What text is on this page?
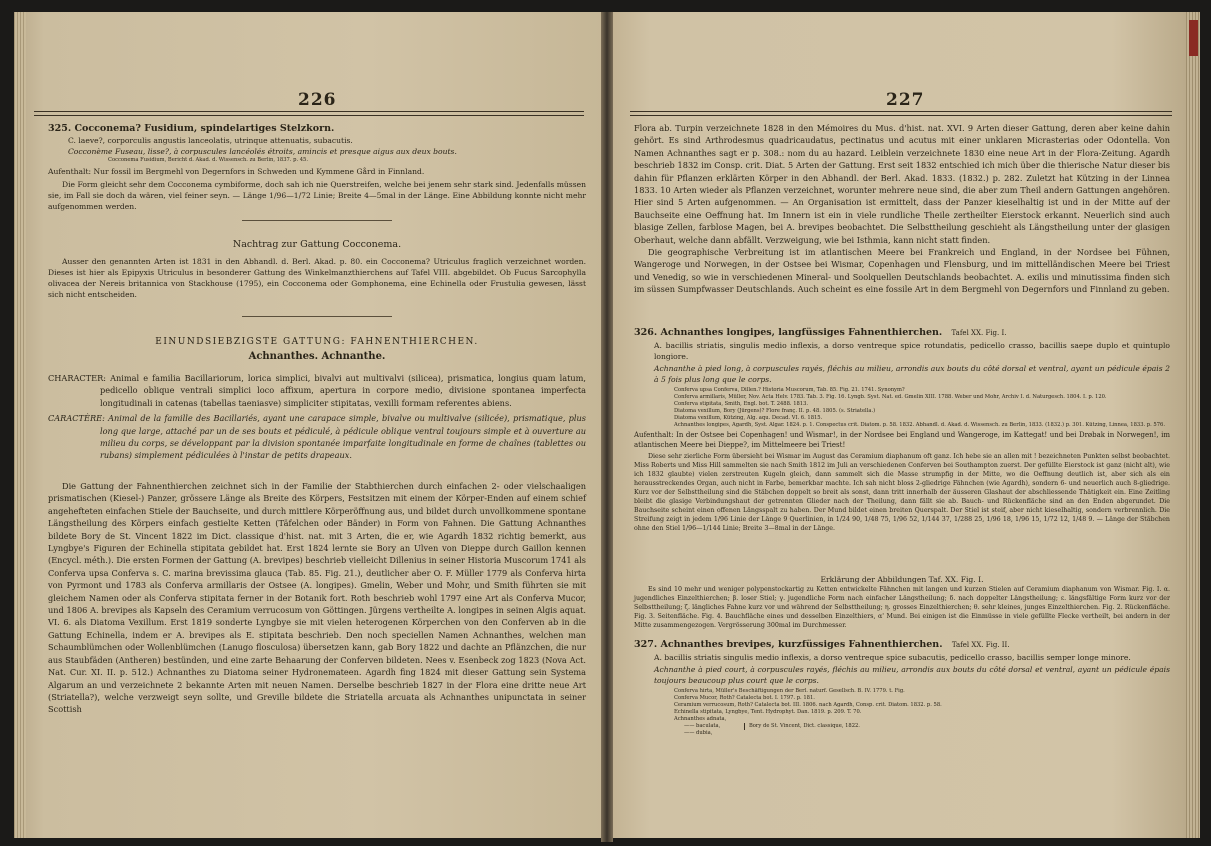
226

325. Cocconema? Fusidium, spindelartiges Stelzkorn.

C. laeve?, corporculis angustis lanceolatis, utrinque attenuatis, subacutis.

Cocconème Fuseau, lisse?, à corpuscules lancéolés étroits, amincis et presque aigus aux deux bouts.

Cocconema Fusidium, Bericht d. Akad. d. Wissensch. zu Berlin, 1837. p. 45.

Aufenthalt: Nur fossil im Bergmehl von Degernfors in Schweden und Kymmene Gård in Finnland.

Die Form gleicht sehr dem Cocconema cymbiforme, doch sah ich nie Querstreifen, welche bei jenem sehr stark sind. Jedenfalls müssen sie, im Fall sie doch da wären, viel feiner seyn. — Länge 1/96—1/72 Linie; Breite 4—5mal in der Länge. Eine Abbildung konnte nicht mehr aufgenommen werden.

Nachtrag zur Gattung Cocconema.

Ausser den genannten Arten ist 1831 in den Abhandl. d. Berl. Akad. p. 80. ein Cocconema? Utriculus fraglich verzeichnet worden. Dieses ist hier als Epipyxis Utriculus in besonderer Gattung des Winkelmanzthierchens auf Tafel VIII. abgebildet. Ob Fucus Sarcophylla olivacea der Nereis britannica von Stackhouse (1795), ein Cocconema oder Gomphonema, eine Echinella oder Frustulia gewesen, lässt sich nicht entscheiden.

EINUNDSIEBZIGSTE GATTUNG: FAHNENTHIERCHEN.

Achnanthes. Achnanthe.

CHARACTER: Animal e familia Bacillariorum, lorica simplici, bivalvi aut multivalvi (silicea), prismatica, longius quam latum, pedicello oblique ventrali simplici loco affixum, apertura in corpore medio, divisione spontanea imperfecta longitudinali in catenas (tabellas taeniasve) simpliciter stipitatas, vexilli formam referentes abiens.
CARACTÈRE: Animal de la famille des Bacillariés, ayant une carapace simple, bivalve ou multivalve (silicée), prismatique, plus long que large, attaché par un de ses bouts et pédiculé, à pédicule oblique ventral toujours simple et à ouverture au milieu du corps, se développant par la division spontanée imparfaite longitudinale en forme de chaînes (tablettes ou rubans) simplement pédiculées à l'instar de petits drapeaux.

Die Gattung der Fahnenthierchen zeichnet sich in der Familie der Stabthierchen durch einfachen 2- oder vielschaaligen prismatischen (Kiesel-) Panzer, grössere Länge als Breite des Körpers, Festsitzen mit einem der Körper-Enden auf einem schief angehefteten einfachen Stiele der Bauchseite, und durch mittlere Körperöffnung aus, und bildet durch unvollkommene spontane Längstheilung des Körpers einfach gestielte Ketten (Täfelchen oder Bänder) in Form von Fahnen. Die Gattung Achnanthes bildete Bory de St. Vincent 1822 im Dict. classique d'hist. nat. mit 3 Arten, die er, wie Agardh 1832 richtig bemerkt, aus Lyngbye's Figuren der Echinella stipitata gebildet hat. Erst 1824 lernte sie Bory an Ulven von Dieppe durch Gaillon kennen (Encycl. méth.). Die ersten Formen der Gattung (A. brevipes) beschrieb vielleicht Dillenius in seiner Historia Muscorum 1741 als Conferva upsa Conferva s. C. marina brevissima glauca (Tab. 85. Fig. 21.), deutlicher aber O. F. Müller 1779 als Conferva hirta von Pyrmont und 1783 als Conferva armillaris der Ostsee (A. longipes). Gmelin, Weber und Mohr, und Smith führten sie mit gleichem Namen oder als Conferva stipitata ferner in der Botanik fort. Roth beschrieb wohl 1797 eine Art als Conferva Mucor, und 1806 A. brevipes als Kapseln des Ceramium verrucosum von Göttingen. Jürgens vertheilte A. longipes in seinen Algis aquat. VI. 6. als Diatoma Vexillum. Erst 1819 sonderte Lyngbye sie mit vielen heterogenen Körperchen von den Conferven ab in die Gattung Echinella, indem er A. brevipes als E. stipitata beschrieb. Den noch speciellen Namen Achnanthes, welchen man Schaumblümchen oder Wollenblümchen (Lanugo flosculosa) übersetzen kann, gab Bory 1822 und dachte an Pflänzchen, die nur aus Staubfäden (Antheren) bestünden, und eine zarte Behaarung der Conferven bildeten. Nees v. Esenbeck zog 1823 (Nova Act. Nat. Cur. XI. II. p. 512.) Achnanthes zu Diatoma seiner Hydronemateen. Agardh fing 1824 mit dieser Gattung sein Systema Algarum an und verzeichnete 2 bekannte Arten mit neuen Namen. Derselbe beschrieb 1827 in der Flora eine dritte neue Art (Striatella?), welche verzweigt seyn sollte, und Greville bildete die Striatella arcuata als Achnanthes unipunctata in seiner Scottish

227

Flora ab. Turpin verzeichnete 1828 in den Mémoires du Mus. d'hist. nat. XVI. 9 Arten dieser Gattung, deren aber keine dahin gehört. Es sind Arthrodesmus quadricaudatus, pectinatus und acutus mit einer unklaren Micrasterias oder Odontella. Von Namen Achnanthes sagt er p. 308.: nom du au hazard. Leiblein verzeichnete 1830 eine neue Art in der Flora-Zeitung. Agardh beschrieb 1832 im Consp. crit. Diat. 5 Arten der Gattung. Erst seit 1832 entschied ich mich über die thierische Natur dieser bis dahin für Pflanzen erklärten Körper in den Abhandl. der Berl. Akad. 1833. (1832.) p. 282. Zuletzt hat Kützing in der Linnea 1833. 10 Arten wieder als Pflanzen verzeichnet, worunter mehrere neue sind, die aber zum Theil andern Gattungen angehören. Hier sind 5 Arten aufgenommen. — An Organisation ist ermittelt, dass der Panzer kieselhaltig ist und in der Mitte auf der Bauchseite eine Oeffnung hat. Im Innern ist ein in viele rundliche Theile zertheilter Eierstock erkannt. Neuerlich sind auch blasige Zellen, farblose Magen, bei A. brevipes beobachtet. Die Selbsttheilung geschieht als Längstheilung unter der glasigen Oberhaut, welche dann abfällt. Verzweigung, wie bei Isthmia, kann nicht statt finden.

Die geographische Verbreitung ist im atlantischen Meere bei Frankreich und England, in der Nordsee bei Fühnen, Wangeroge und Norwegen, in der Ostsee bei Wismar, Copenhagen und Flensburg, und im mittelländischen Meere bei Triest und Venedig, so wie in verschiedenen Mineral- und Soolquellen Deutschlands beobachtet. A. exilis und minutissima finden sich im süssen Sumpfwasser Deutschlands. Auch scheint es eine fossile Art in dem Bergmehl von Degernfors und Finnland zu geben.

326. Achnanthes longipes, langfüssiges Fahnenthierchen. Tafel XX. Fig. I.

A. bacillis striatis, singulis medio inflexis, a dorso ventreque spice rotundatis, pedicello crasso, bacillis saepe duplo et quintuplo longiore.

Achnanthe à pied long, à corpuscules rayés, fléchis au milieu, arrondis aux bouts du côté dorsal et ventral, ayant un pédicule épais 2 à 5 fois plus long que le corps.

Conferva upsa Conferva, Dillen.? Historia Muscorum, Tab. 85. Fig. 21. 1741. Synonym?

Conferva armillaris, Müller, Nov. Acta Helv. 1783. Tab. 3. Fig. 16. Lyngb. Syst. Nat. ed. Gmelin XIII. 1788. Weber und Mohr, Archiv I. d. Naturgesch. 1804. I. p. 120.

Conferva stipitata, Smith, Engl. bot. T. 2488. 1813.

Diatoma vexillum, Bory (Jürgens)? Flore franç. II. p. 48. 1805. (s. Striatella.)

Diatoma vexillum, Kützing, Alg. aqu. Decad. VI. 6. 1815.

Achnanthes longipes, Agardh, Syst. Algar. 1824. p. 1. Conspectus crit. Diatom. p. 58. 1832. Abhandl. d. Akad. d. Wissensch. zu Berlin, 1833. (1832.) p. 301. Kützing, Linnea, 1833. p. 576.

Aufenthalt: In der Ostsee bei Copenhagen! und Wismar!, in der Nordsee bei England und Wangeroge, im Kattegat! und bei Drøbak in Norwegen!, im atlantischen Meere bei Dieppe?, im Mittelmeere bei Triest!

Diese sehr zierliche Form übersieht bei Wismar im August das Ceramium diaphanum oft ganz. Ich hebe sie an allen mit ! bezeichneten Punkten selbst beobachtet. Miss Roberts und Miss Hill sammelten sie nach Smith 1812 im Juli an verschiedenen Conferven bei Southampton zuerst. Der gefüllte Eierstock ist ganz (nicht alt), wie ich 1832 glaubte) vielen zerstreuten Kugeln gleich, dann sammelt sich die Masse strumpfig in der Mitte, wo die Oeffnung deutlich ist, aber sich als ein herausstreckendes Organ, auch nicht in Farbe, bemerkbar machte. Ich sah nicht bloss 2-gliedrige Fähnchen (wie Agardh), sondern 6- und neuerlich auch 8-gliedrige. Kurz vor der Selbsttheilung sind die Stäbchen doppelt so breit als sonst, dann tritt innerhalb der äusseren Glashaut der abschliessende Thätigkeit ein. Eine Zeitling bleibt die glasige Verbindungshaut der getrennten Glieder nach der Theilung, dann fällt sie ab. Bauch- und Rückenfläche sind an den Enden abgerundet. Die Bauchseite scheint einen offenen Längsspalt zu haben. Der Mund bildet einen breiten Querspalt. Der Stiel ist steif, aber nicht kieselhaltig, sondern verbrennlich. Die Streifung zeigt in jedem 1/96 Linie der Länge 9 Querlinien, in 1/24 90, 1/48 75, 1/96 52, 1/144 37, 1/288 25, 1/96 18, 1/96 15, 1/72 12, 1/48 9. — Länge der Stäbchen ohne den Stiel 1/96—1/144 Linie; Breite 3—8mal in der Länge.

Erklärung der Abbildungen Taf. XX. Fig. I.

Es sind 10 mehr und weniger polypenstockartig zu Ketten entwickelte Fähnchen mit langen und kurzen Stielen auf Ceramium diaphanum von Wismar. Fig. I. α. jugendliches Einzelthierchen; β. loser Stiel; γ. jugendliche Form nach einfacher Längstheilung; δ. nach doppelter Längstheilung; ε. längsfältige Form kurz vor der Selbsttheilung; ζ. längliches Fahne kurz vor und während der Selbsttheilung; η. grosses Einzelthierchen; θ. sehr kleines, junges Einzelthierchen. Fig. 2. Rückenfläche. Fig. 3. Seitenfläche. Fig. 4. Bauchfläche eines und desselben Einzelthiers, α' Mund. Bei einigen ist die Einmüsse in viele gefüllte Flecke vertheilt, bei andern in der Mitte zusammengezogen. Vergrösserung 300mal im Durchmesser.

327. Achnanthes brevipes, kurzfüssiges Fahnenthierchen. Tafel XX. Fig. II.

A. bacillis striatis singulis medio inflexis, a dorso ventreque spice subacutis, pedicello crasso, bacillis semper longe minore.

Achnanthe à pied court, à corpuscules rayés, fléchis au milieu, arrondis aux bouts du côté dorsal et ventral, ayant un pédicule épais toujours beaucoup plus court que le corps.

Conferva hirta, Müller's Beschäftigungen der Berl. naturf. Gesellsch. B. IV. 1779. t. Fig.

Conferva Mucor, Roth? Catalecta bot. I. 1797. p. 181.

Ceramium verrucosum, Roth? Catalecta bot. III. 1806. nach Agardh, Consp. crit. Diatom. 1832. p. 58.

Echinella stipitata, Lyngbye, Tent. Hydrophyt. Dan. 1819. p. 209. T. 70.

Achnanthes adnata,

—— baculata,

—— dubia,

Bory de St. Vincent, Dict. classique, 1822.
